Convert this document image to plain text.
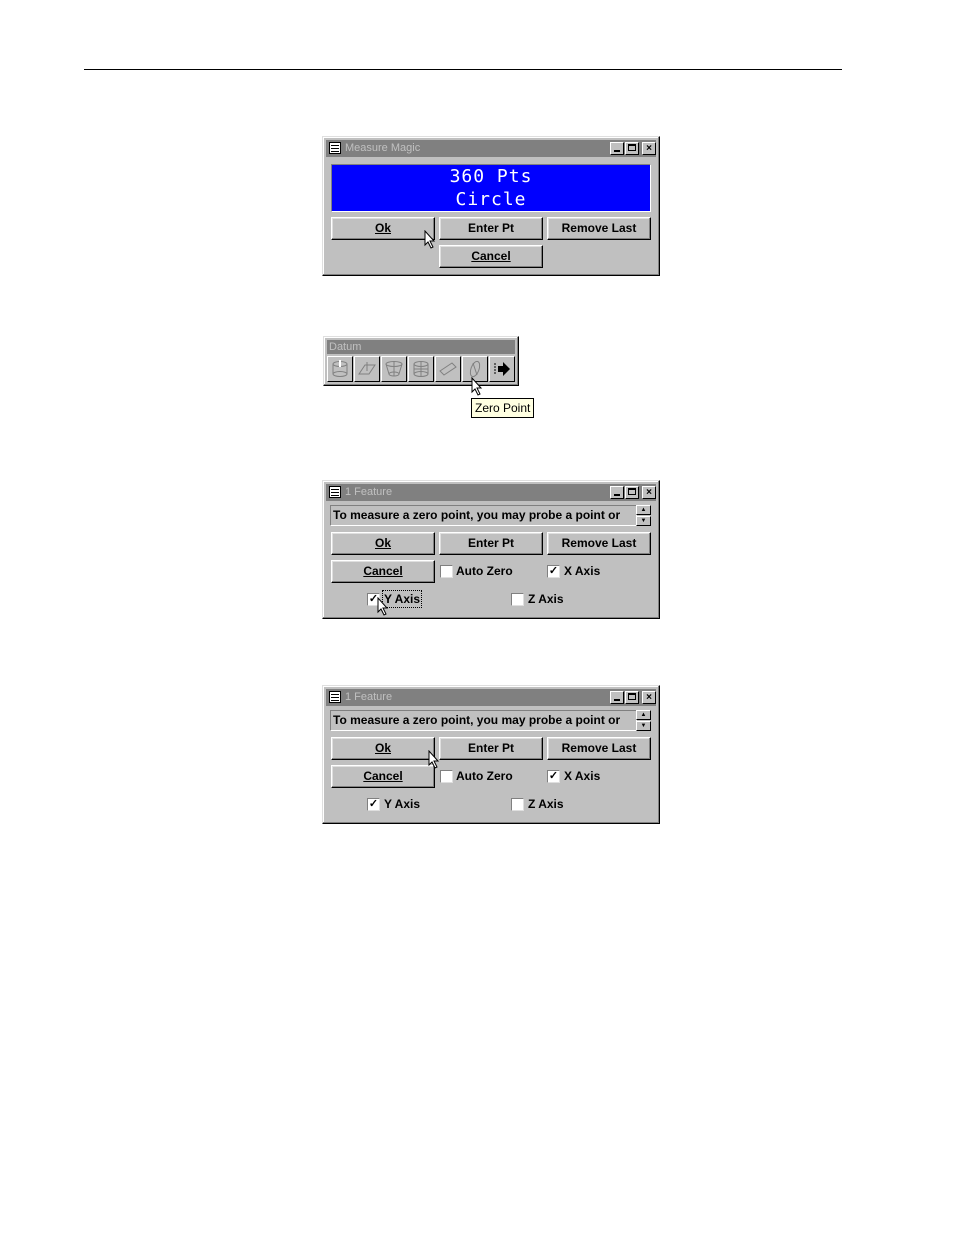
Measure Magic	×
360 Pts
Circle
Ok	Enter Pt	Remove Last
Cancel
Datum
Zero Point
1 Feature	×
To measure a zero point, you may probe a point or	▲
▼
Ok	Enter Pt	Remove Last
Cancel	Auto Zero	✓ X Axis
✓ Y Axis	Z Axis
1 Feature	×
To measure a zero point, you may probe a point or	▲
▼
Ok	Enter Pt	Remove Last
Cancel	Auto Zero	✓ X Axis
✓ Y Axis	Z Axis
